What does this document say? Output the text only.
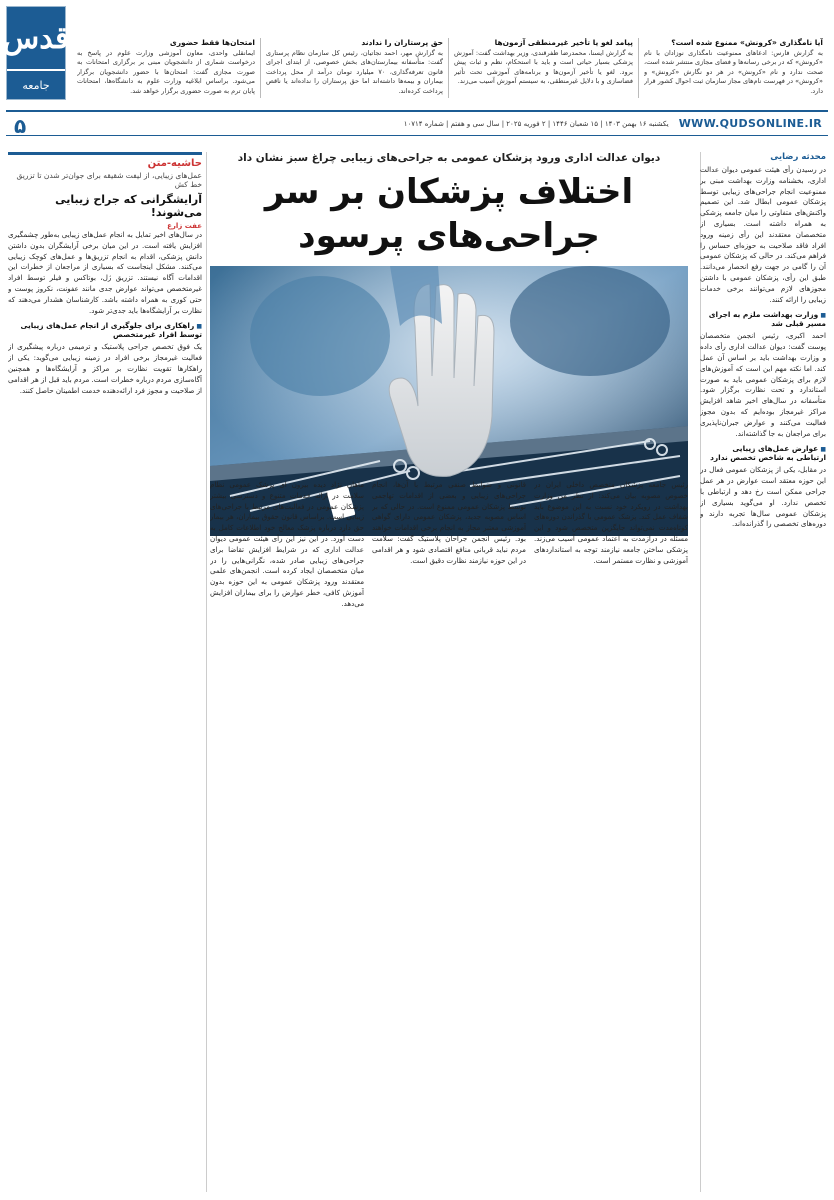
قدس
جامعه
آیا نامگذاری «کرونش» ممنوع شده است؟

به گزارش فارس: ادعاهای ممنوعیت نامگذاری نوزادان با نام «کرونش» که در برخی رسانه‌ها و فضای مجازی منتشر شده است، صحت ندارد و نام «کرونش» در هر دو نگارش «کرونش» و «کرونش» در فهرست نام‌های مجاز سازمان ثبت احوال کشور قرار دارد.

پیامد لغو یا تأخیر غیرمنطقی آزمون‌ها

به گزارش ایسنا، محمدرضا ظفرقندی، وزیر بهداشت گفت: آموزش پزشکی بسیار حیاتی است و باید با استحکام، نظم و ثبات پیش برود. لغو یا تأخیر آزمون‌ها و برنامه‌های آموزشی تحت تأثیر فضاسازی و با دلایل غیرمنطقی، به سیستم آموزش آسیب می‌زند.

حق پرستاران را ندادند

به گزارش مهر، احمد نجاتیان، رئیس کل سازمان نظام پرستاری گفت: متأسفانه بیمارستان‌های بخش خصوصی، از ابتدای اجرای قانون تعرفه‌گذاری، ۷۰ میلیارد تومان درآمد از محل پرداخت بیماران و بیمه‌ها داشته‌اند اما حق پرستاران را نداده‌اند یا ناقص پرداخت کرده‌اند.

امتحان‌ها فقط حضوری

ایمانقلی واحدی، معاون آموزشی وزارت علوم در پاسخ به درخواست شماری از دانشجویان مبنی بر برگزاری امتحانات به صورت مجازی گفت: امتحان‌ها با حضور دانشجویان برگزار می‌شود. براساس ابلاغیه وزارت علوم به دانشگاه‌ها، امتحانات پایان ترم به صورت حضوری برگزار خواهد شد.

WWW.QUDSONLINE.IR
یکشنبه ۱۶ بهمن ۱۴۰۳ | ۱۵ شعبان ۱۴۴۶ | ۲ فوریه ۲۰۲۵ | سال سی و هفتم | شماره ۱۰۷۱۴
۵
محدثه رضایی

در رسیدن رأی هیئت عمومی دیوان عدالت اداری، بخشنامه وزارت بهداشت مبنی بر ممنوعیت انجام جراحی‌های زیبایی توسط پزشکان عمومی ابطال شد. این تصمیم واکنش‌های متفاوتی را میان جامعه پزشکی به همراه داشته است. بسیاری از متخصصان معتقدند این رأی زمینه ورود افراد فاقد صلاحیت به حوزه‌ای حساس را فراهم می‌کند. در حالی که پزشکان عمومی آن را گامی در جهت رفع انحصار می‌دانند. طبق این رأی، پزشکان عمومی با داشتن مجوزهای لازم می‌توانند برخی خدمات زیبایی را ارائه کنند.

■ وزارت بهداشت ملزم به اجرای مسیر قبلی شد

احمد اکبری، رئیس انجمن متخصصان پوست گفت: دیوان عدالت اداری رأی داده و وزارت بهداشت باید بر اساس آن عمل کند. اما نکته مهم این است که آموزش‌های لازم برای پزشکان عمومی باید به صورت استاندارد و تحت نظارت برگزار شود. متأسفانه در سال‌های اخیر شاهد افزایش مراکز غیرمجاز بوده‌ایم که بدون مجوز فعالیت می‌کنند و عوارض جبران‌ناپذیری برای مراجعان به جا گذاشته‌اند.

■ عوارض عمل‌های زیبایی ارتباطی به شاخص تخصص ندارد

در مقابل، یکی از پزشکان عمومی فعال در این حوزه معتقد است عوارض در هر عمل جراحی ممکن است رخ دهد و ارتباطی با تخصص ندارد. او می‌گوید بسیاری از پزشکان عمومی سال‌ها تجربه دارند و دوره‌های تخصصی را گذرانده‌اند.

دیوان عدالت اداری ورود پزشکان عمومی به جراحی‌های زیبایی چراغ سبز نشان داد
اختلاف پزشکان بر سر جراحی‌های پرسود

رئیس جامعه پزشکان متخصص داخلی ایران در خصوص مصوبه بیان می‌کند: از نظر من وزارت بهداشت در رویکرد خود نسبت به این موضوع باید شفاف عمل کند. پزشک عمومی با گذراندن دوره‌های کوتاه‌مدت نمی‌تواند جایگزین متخصص شود و این مسئله در درازمدت به اعتماد عمومی آسیب می‌زند. پزشکی ساختن جامعه نیازمند توجه به استانداردهای آموزشی و نظارت مستمر است.

قانونی و ضوابط صنفی مرتبط با آن‌ها، انجام جراحی‌های زیبایی و بعضی از اقدامات تهاجمی توسط پزشکان عمومی ممنوع است. در حالی که بر اساس مصوبه جدید، پزشکان عمومی دارای گواهی آموزشی معتبر مجاز به انجام برخی اقدامات خواهند بود. رئیس انجمن جراحان پلاستیک گفت: سلامت مردم نباید قربانی منافع اقتصادی شود و هر اقدامی در این حوزه نیازمند نظارت دقیق است.

ماهان نژاد دیده بیرون ای پزشک عمومی نظام سلامت در ارائه خدمات متنوع و دسترسی بیشتر پزشکان عمومی در فعالیت‌های مرتبط با جراحی‌های زیبایی است. براساس قانون حقوق بیماران، هر بیمار حق دارد درباره پزشک معالج خود اطلاعات کامل به دست آورد. در این نیز این رأی هیئت عمومی دیوان عدالت اداری که در شرایط افزایش تقاضا برای جراحی‌های زیبایی صادر شده، نگرانی‌هایی را در میان متخصصان ایجاد کرده است. انجمن‌های علمی معتقدند ورود پزشکان عمومی به این حوزه بدون آموزش کافی، خطر عوارض را برای بیماران افزایش می‌دهد.

حاشیه-متن
عمل‌های زیبایی، از لیفت شقیقه برای جوان‌تر شدن تا تزریق خط کش
آرایشگرانی که جراح زیبایی می‌شوند!
عفت زارع

در سال‌های اخیر تمایل به انجام عمل‌های زیبایی به‌طور چشمگیری افزایش یافته است. در این میان برخی آرایشگران بدون داشتن دانش پزشکی، اقدام به انجام تزریق‌ها و عمل‌های کوچک زیبایی می‌کنند. مشکل اینجاست که بسیاری از مراجعان از خطرات این اقدامات آگاه نیستند. تزریق ژل، بوتاکس و فیلر توسط افراد غیرمتخصص می‌تواند عوارض جدی مانند عفونت، نکروز پوست و حتی کوری به همراه داشته باشد. کارشناسان هشدار می‌دهند که نظارت بر آرایشگاه‌ها باید جدی‌تر شود.

■ راهکاری برای جلوگیری از انجام عمل‌های زیبایی توسط افراد غیرمتخصص

یک فوق تخصص جراحی پلاستیک و ترمیمی درباره پیشگیری از فعالیت غیرمجاز برخی افراد در زمینه زیبایی می‌گوید: یکی از راهکارها تقویت نظارت بر مراکز و آرایشگاه‌ها و همچنین آگاه‌سازی مردم درباره خطرات است. مردم باید قبل از هر اقدامی از صلاحیت و مجوز فرد ارائه‌دهنده خدمت اطمینان حاصل کنند.
